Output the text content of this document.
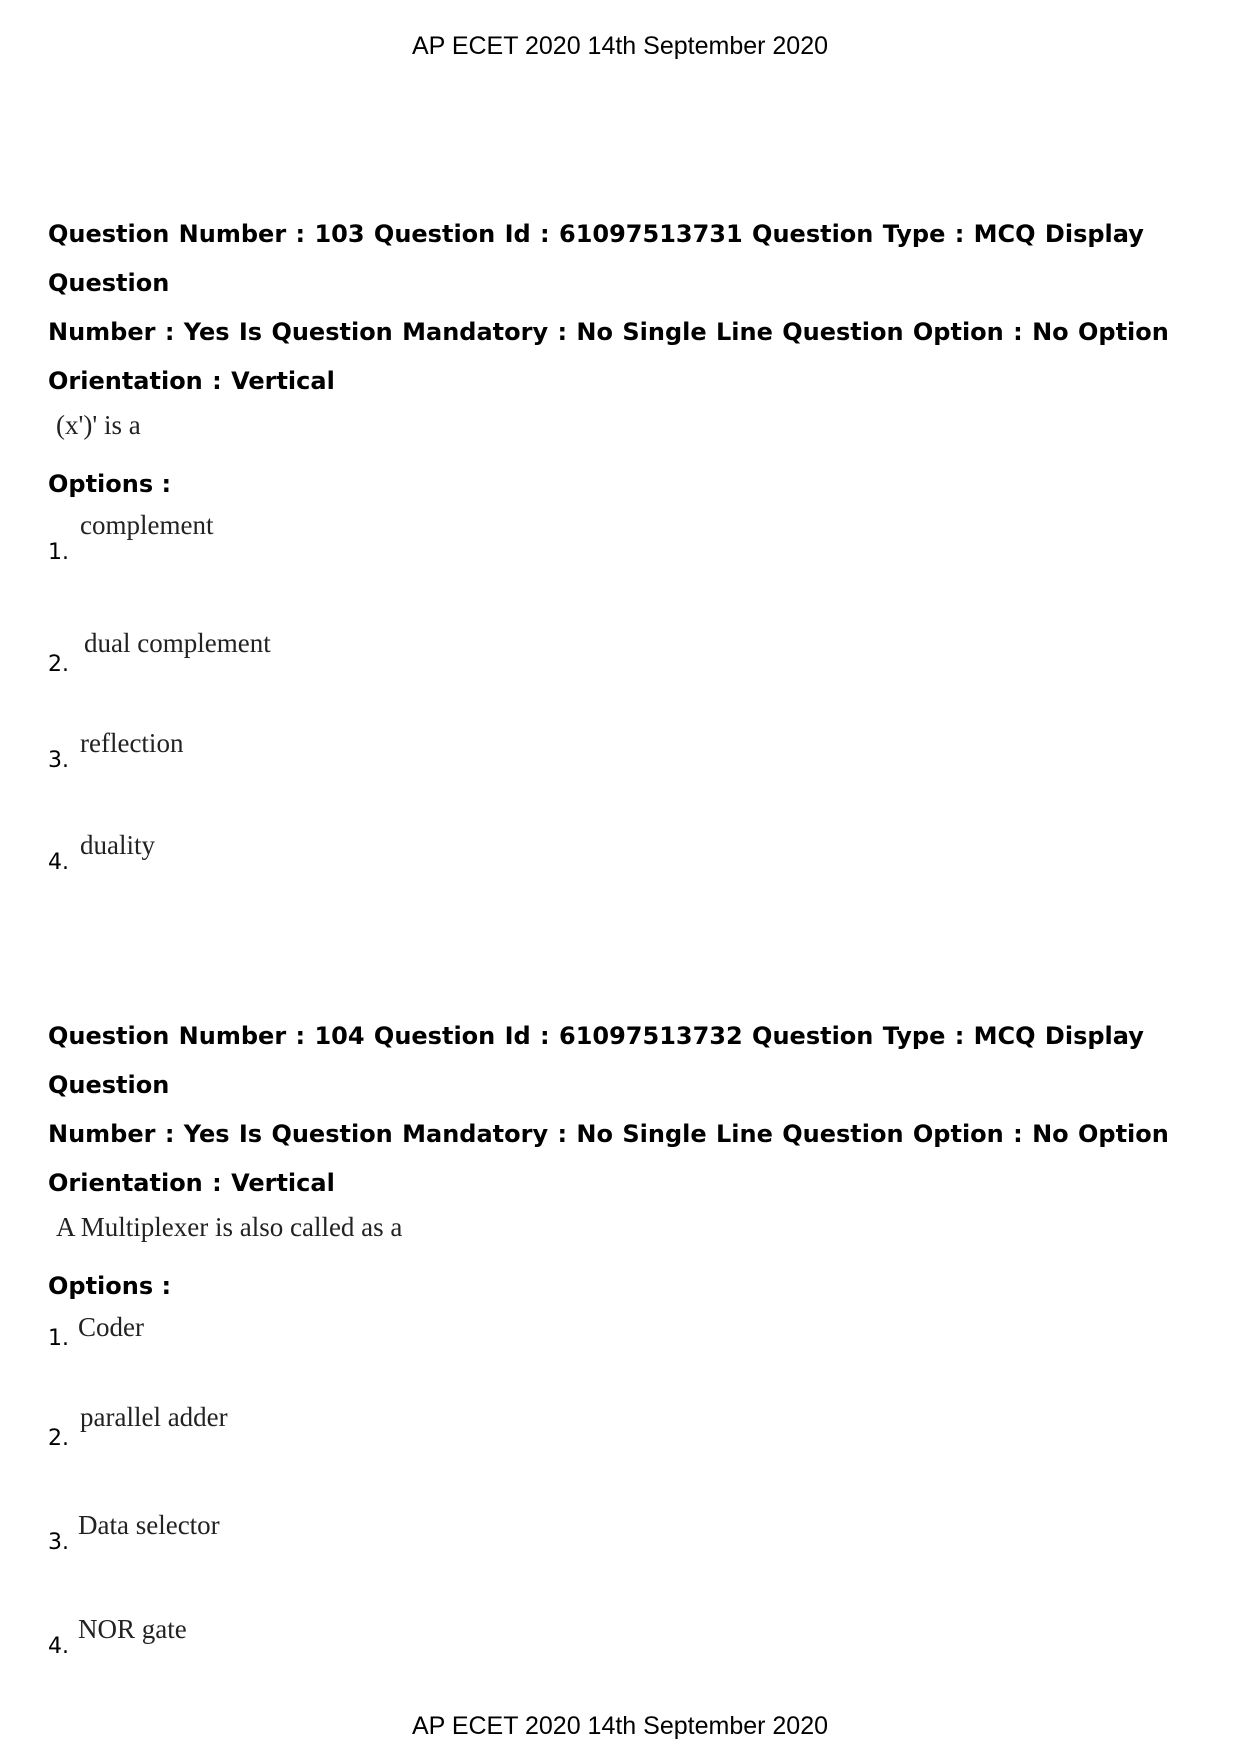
AP ECET 2020 14th September 2020

Question Number : 103 Question Id : 61097513731 Question Type : MCQ Display Question

Number : Yes Is Question Mandatory : No Single Line Question Option : No Option

Orientation : Vertical

(x')' is a
Options :
1.
complement
2.
dual complement
3.
reflection
4.
duality

Question Number : 104 Question Id : 61097513732 Question Type : MCQ Display Question

Number : Yes Is Question Mandatory : No Single Line Question Option : No Option

Orientation : Vertical

A Multiplexer is also called as a
Options :
1. Coder
2.
parallel adder
3.
Data selector
4.
NOR gate
AP ECET 2020 14th September 2020
